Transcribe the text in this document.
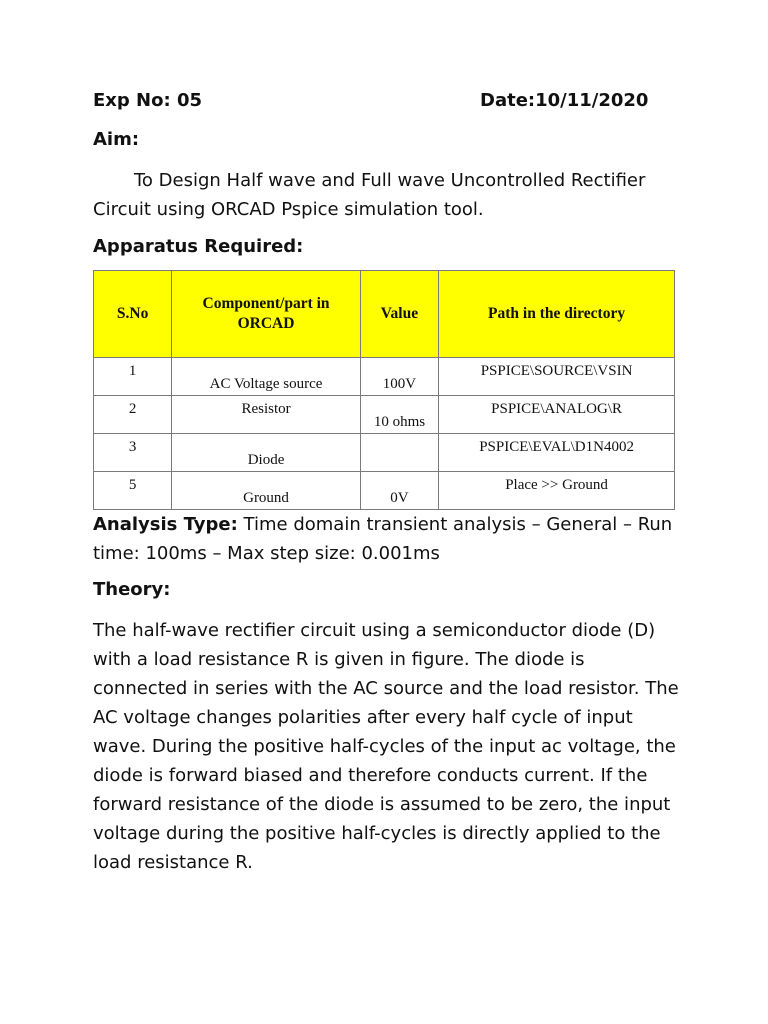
Exp No: 05	Date:10/11/2020
Aim:
To Design Half wave and Full wave Uncontrolled Rectifier Circuit using ORCAD Pspice simulation tool.
Apparatus Required:
S.No	Component/part in ORCAD	Value	Path in the directory
1	AC Voltage source	100V	PSPICE\SOURCE\VSIN
2	Resistor	10 ohms	PSPICE\ANALOG\R
3	Diode		PSPICE\EVAL\D1N4002
5	Ground	0V	Place >> Ground
Analysis Type: Time domain transient analysis – General – Run time: 100ms – Max step size: 0.001ms
Theory:
The half-wave rectifier circuit using a semiconductor diode (D) with a load resistance R is given in figure. The diode is connected in series with the AC source and the load resistor. The AC voltage changes polarities after every half cycle of input wave. During the positive half-cycles of the input ac voltage, the diode is forward biased and therefore conducts current. If the forward resistance of the diode is assumed to be zero, the input voltage during the positive half-cycles is directly applied to the load resistance R.
